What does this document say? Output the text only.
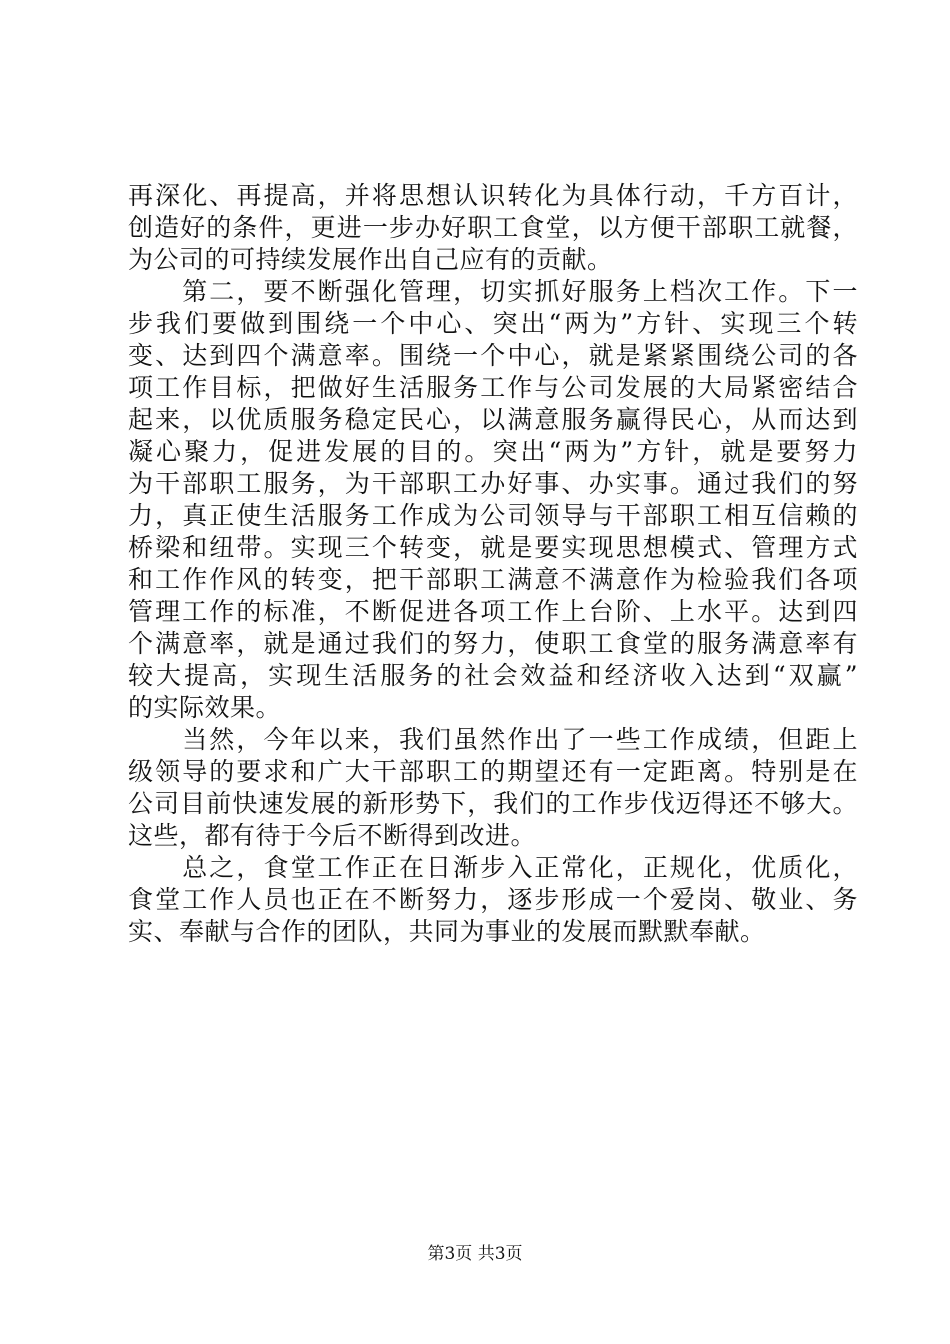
再深化、再提高，并将思想认识转化为具体行动，千方百计，
创造好的条件，更进一步办好职工食堂，以方便干部职工就餐，
为公司的可持续发展作出自己应有的贡献。
　　第二，要不断强化管理，切实抓好服务上档次工作。下一
步我们要做到围绕一个中心、突出“两为”方针、实现三个转
变、达到四个满意率。围绕一个中心，就是紧紧围绕公司的各
项工作目标，把做好生活服务工作与公司发展的大局紧密结合
起来，以优质服务稳定民心，以满意服务赢得民心，从而达到
凝心聚力，促进发展的目的。突出“两为”方针，就是要努力
为干部职工服务，为干部职工办好事、办实事。通过我们的努
力，真正使生活服务工作成为公司领导与干部职工相互信赖的
桥梁和纽带。实现三个转变，就是要实现思想模式、管理方式
和工作作风的转变，把干部职工满意不满意作为检验我们各项
管理工作的标准，不断促进各项工作上台阶、上水平。达到四
个满意率，就是通过我们的努力，使职工食堂的服务满意率有
较大提高，实现生活服务的社会效益和经济收入达到“双赢”
的实际效果。
　　当然，今年以来，我们虽然作出了一些工作成绩，但距上
级领导的要求和广大干部职工的期望还有一定距离。特别是在
公司目前快速发展的新形势下，我们的工作步伐迈得还不够大。
这些，都有待于今后不断得到改进。
　　总之，食堂工作正在日渐步入正常化，正规化，优质化，
食堂工作人员也正在不断努力，逐步形成一个爱岗、敬业、务
实、奉献与合作的团队，共同为事业的发展而默默奉献。
第3页 共3页
